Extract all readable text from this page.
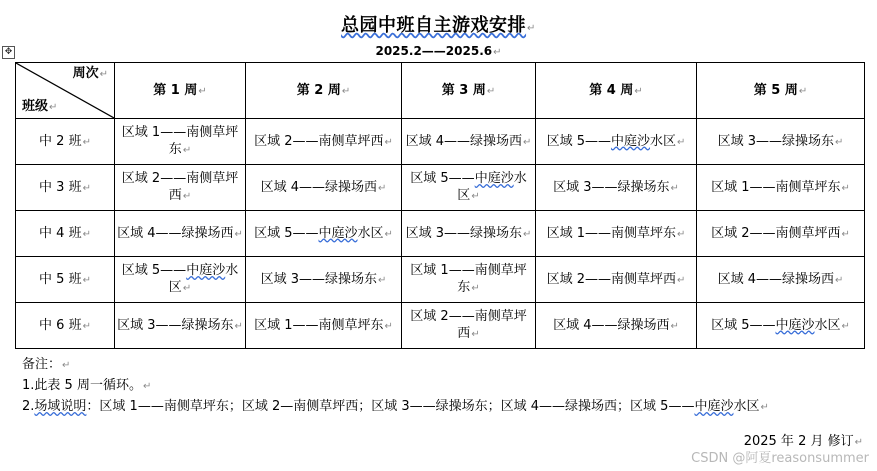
✥
总园中班自主游戏安排↵
2025.2——2025.6↵
周次↵
班级↵	第 1 周↵	第 2 周↵	第 3 周↵	第 4 周↵	第 5 周↵
中 2 班↵	区域 1——南侧草坪东↵	区域 2——南侧草坪西↵	区域 4——绿操场西↵	区域 5——中庭沙水区↵	区域 3——绿操场东↵
中 3 班↵	区域 2——南侧草坪西↵	区域 4——绿操场西↵	区域 5——中庭沙水区↵	区域 3——绿操场东↵	区域 1——南侧草坪东↵
中 4 班↵	区域 4——绿操场西↵	区域 5——中庭沙水区↵	区域 3——绿操场东↵	区域 1——南侧草坪东↵	区域 2——南侧草坪西↵
中 5 班↵	区域 5——中庭沙水区↵	区域 3——绿操场东↵	区域 1——南侧草坪东↵	区域 2——南侧草坪西↵	区域 4——绿操场西↵
中 6 班↵	区域 3——绿操场东↵	区域 1——南侧草坪东↵	区域 2——南侧草坪西↵	区域 4——绿操场西↵	区域 5——中庭沙水区↵
备注：↵
1.此表 5 周一循环。↵
2.场域说明：区域 1——南侧草坪东；区域 2—南侧草坪西；区域 3——绿操场东；区域 4——绿操场西；区域 5——中庭沙水区↵
2025 年 2 月 修订↵
CSDN @阿夏reasonsummer
